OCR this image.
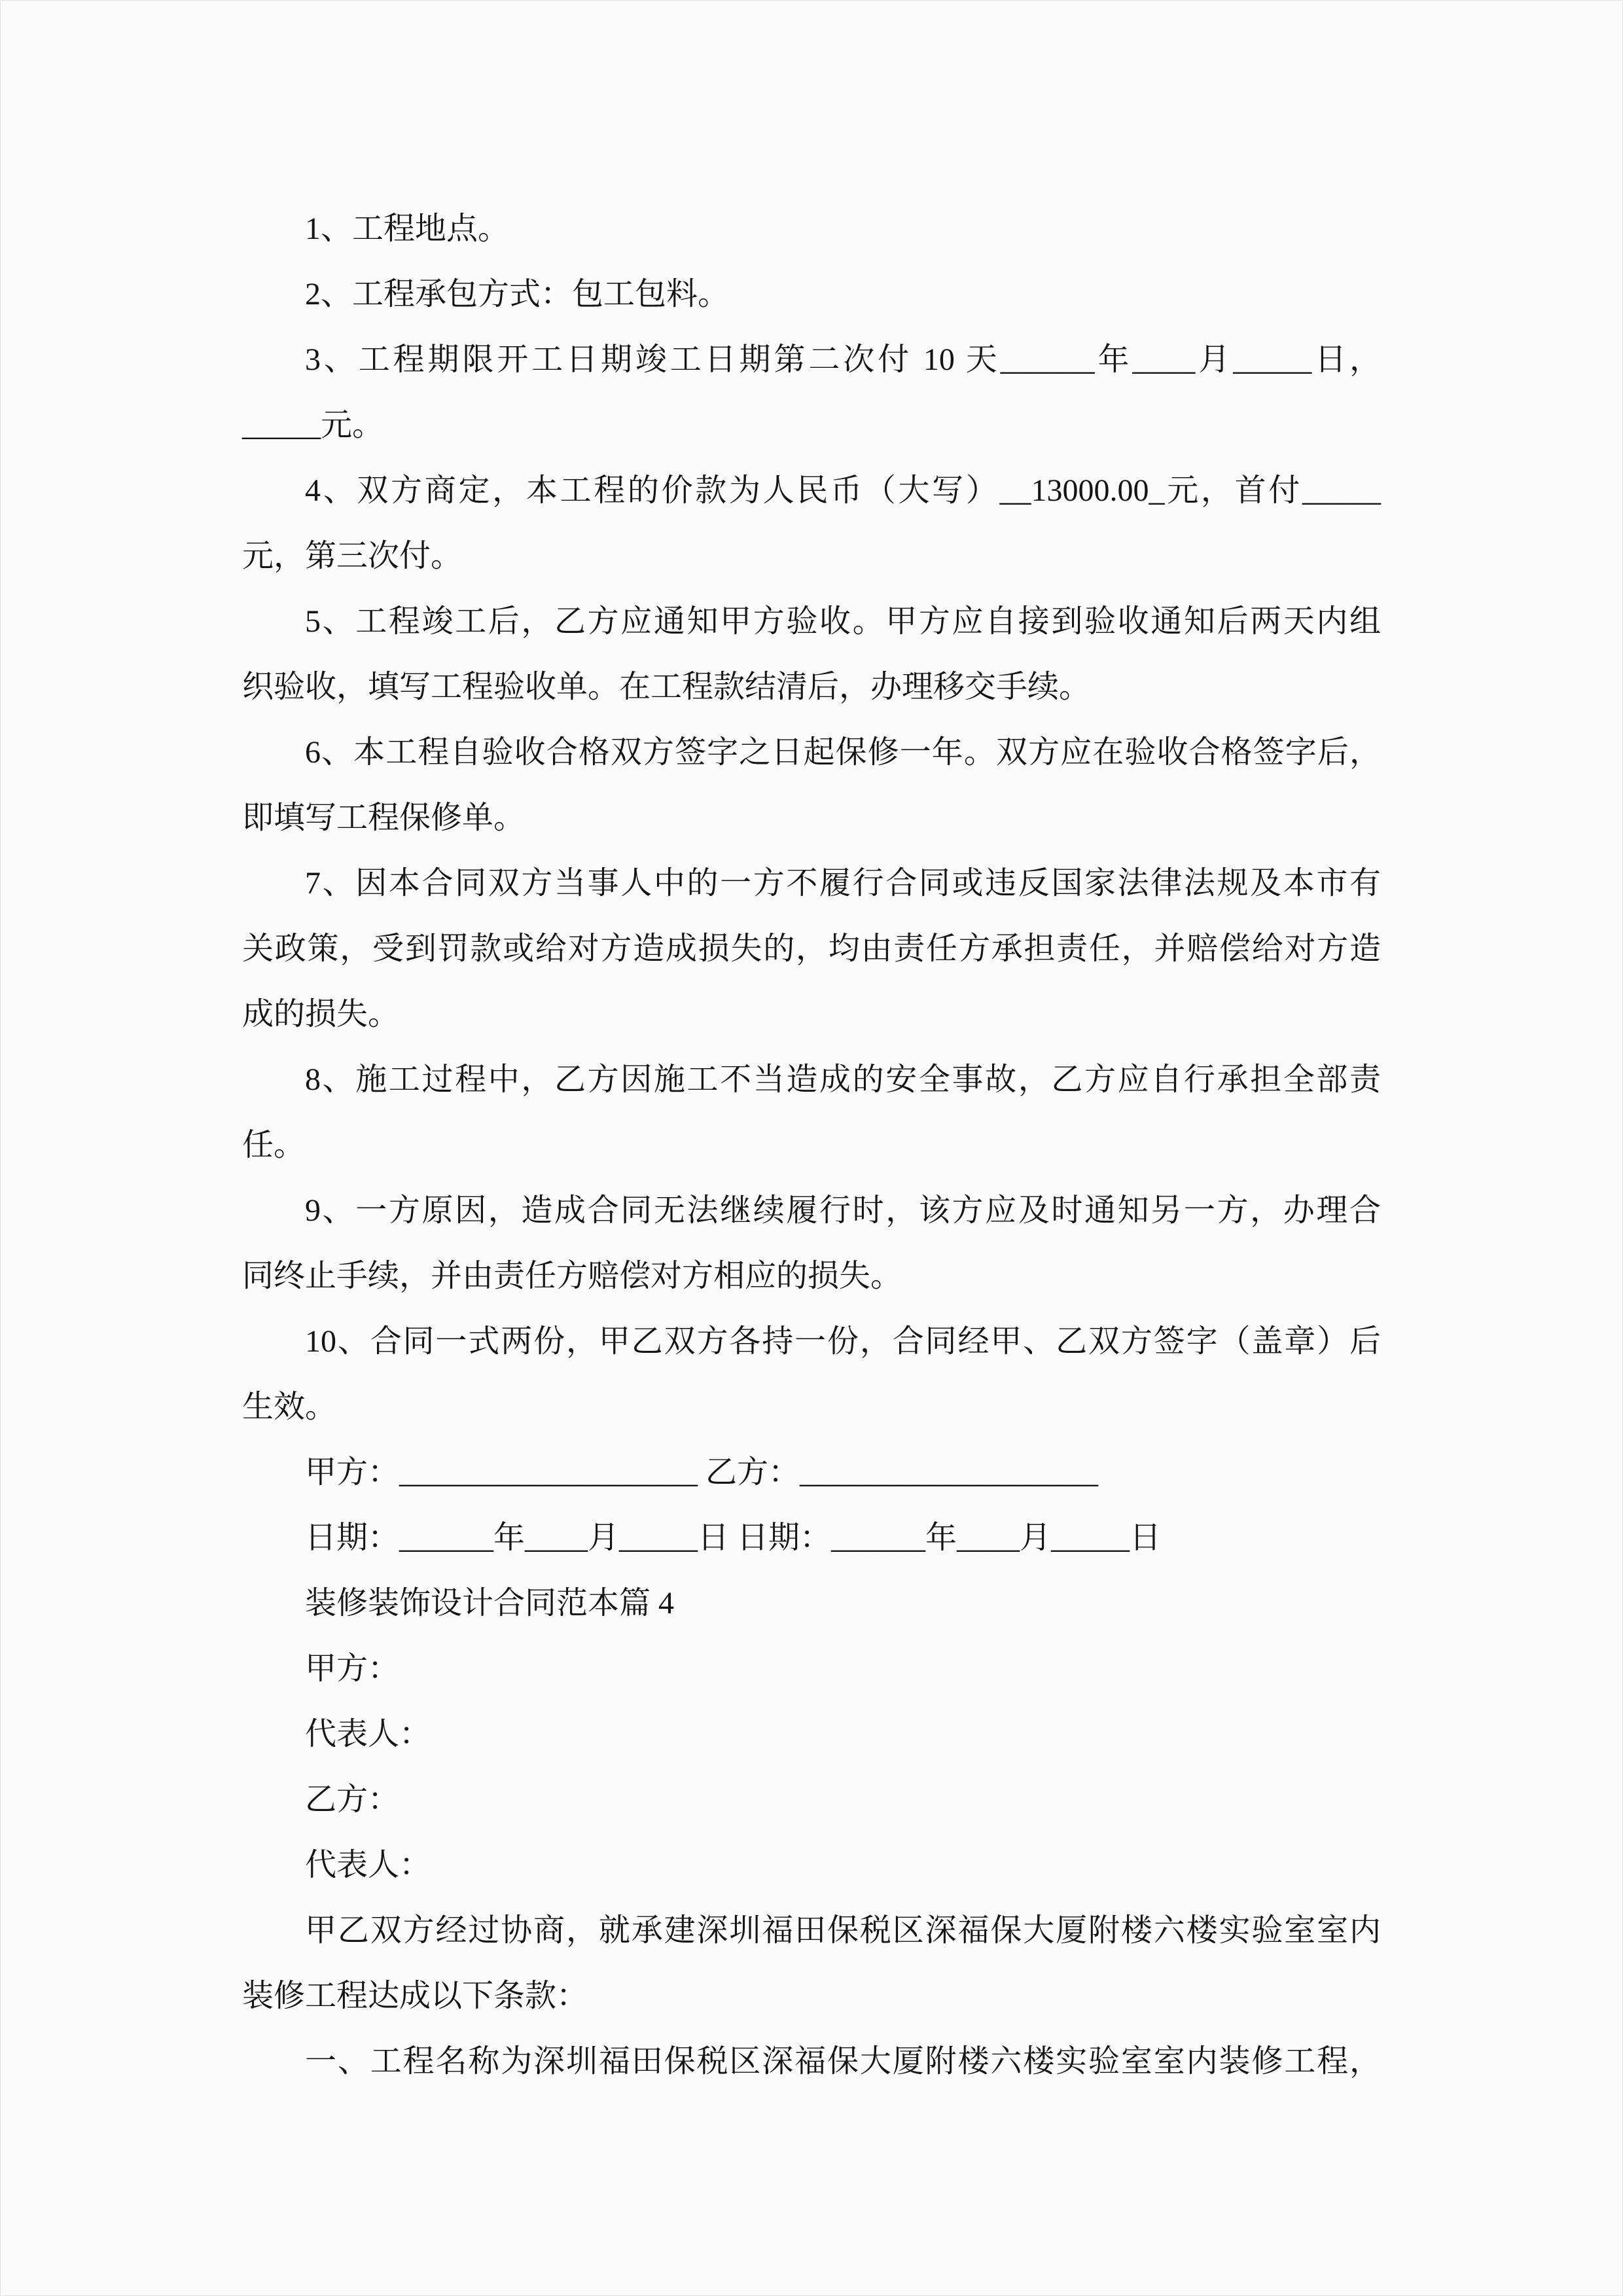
1、工程地点。
2、工程承包方式：包工包料。
3、工程期限开工日期竣工日期第二次付 10 天______年____月_____日，
_____元。
4、双方商定，本工程的价款为人民币（大写）__13000.00_元，首付_____
元，第三次付。
5、工程竣工后，乙方应通知甲方验收。甲方应自接到验收通知后两天内组
织验收，填写工程验收单。在工程款结清后，办理移交手续。
6、本工程自验收合格双方签字之日起保修一年。双方应在验收合格签字后，
即填写工程保修单。
7、因本合同双方当事人中的一方不履行合同或违反国家法律法规及本市有
关政策，受到罚款或给对方造成损失的，均由责任方承担责任，并赔偿给对方造
成的损失。
8、施工过程中，乙方因施工不当造成的安全事故，乙方应自行承担全部责
任。
9、一方原因，造成合同无法继续履行时，该方应及时通知另一方，办理合
同终止手续，并由责任方赔偿对方相应的损失。
10、合同一式两份，甲乙双方各持一份，合同经甲、乙双方签字（盖章）后
生效。
甲方：___________________ 乙方：___________________
日期：______年____月_____日 日期：______年____月_____日
装修装饰设计合同范本篇 4
甲方：
代表人：
乙方：
代表人：
甲乙双方经过协商，就承建深圳福田保税区深福保大厦附楼六楼实验室室内
装修工程达成以下条款：
一、工程名称为深圳福田保税区深福保大厦附楼六楼实验室室内装修工程，
